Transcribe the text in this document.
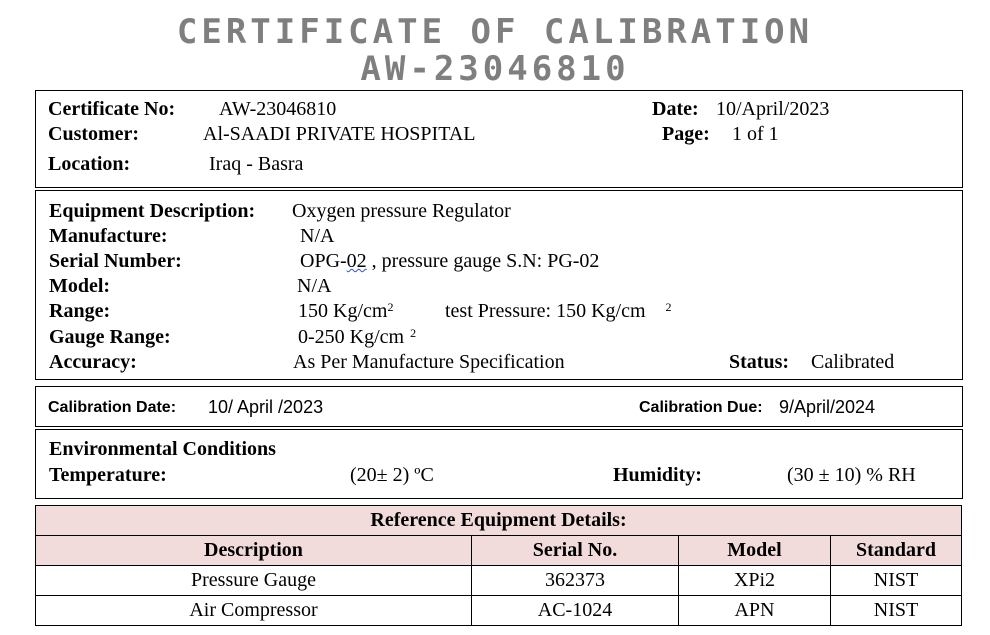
CERTIFICATE OF CALIBRATION
AW-23046810
Certificate No: AW-23046810	Date: 10/April/2023
Customer:	Al-SAADI PRIVATE HOSPITAL	Page: 1 of 1
Location:	Iraq - Basra
Equipment Description: Oxygen pressure Regulator
Manufacture:	N/A
Serial Number:	OPG-02 , pressure gauge S.N: PG-02
Model:	N/A
Range:	150 $Kg/cm^2$	test Pressure: 150 Kg/cm $^2$
Gauge Range:	0-250 Kg/cm $^2$
Accuracy:	As Per Manufacture Specification	Status: Calibrated
Calibration Date: 10/ April /2023	Calibration Due: 9/April/2024
Environmental Conditions
Temperature:	(20± 2) ºC	Humidity:	(30 ± 10) % RH
Reference Equipment Details:			
Description	Serial No.	Model	Standard
Pressure Gauge	362373	XPi2	NIST
Air Compressor	AC-1024	APN	NIST
